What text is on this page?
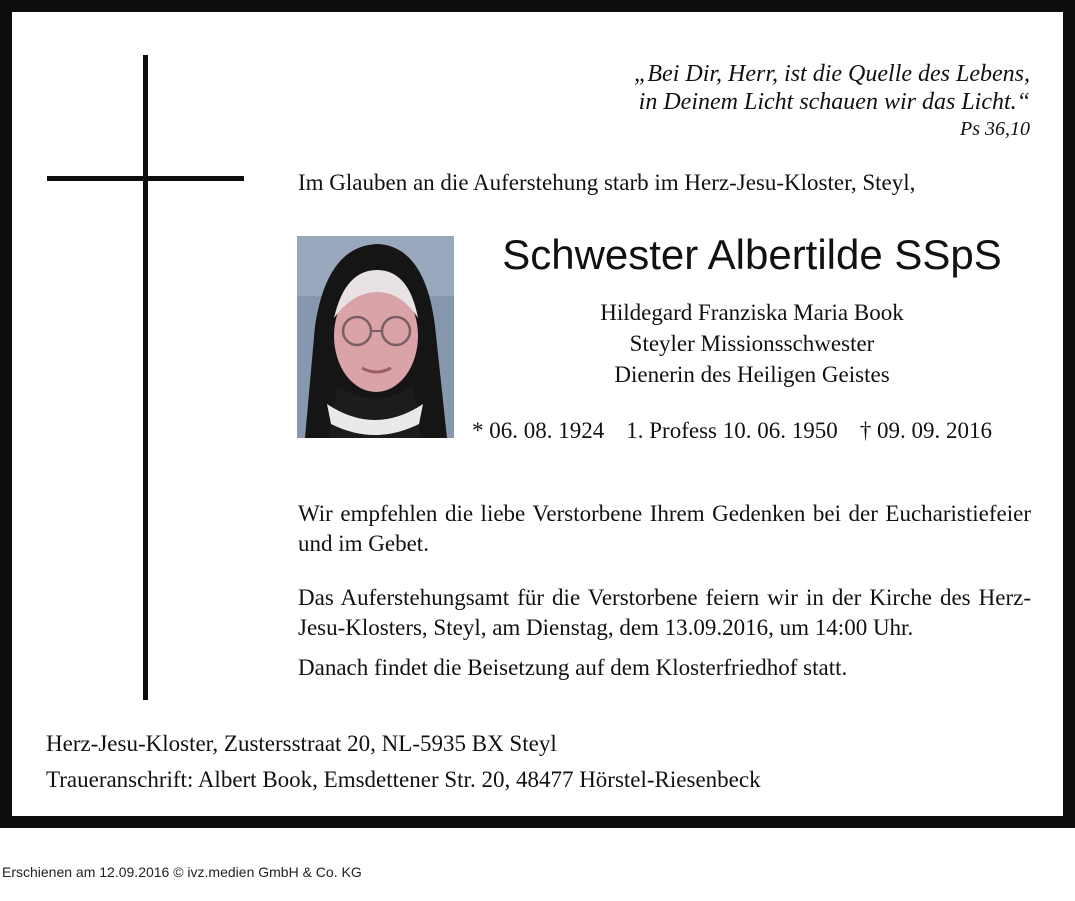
„Bei Dir, Herr, ist die Quelle des Lebens,
in Deinem Licht schauen wir das Licht.“
Ps 36,10
Im Glauben an die Auferstehung starb im Herz-Jesu-Kloster, Steyl,
Schwester Albertilde SSpS
Hildegard Franziska Maria Book
Steyler Missionsschwester
Dienerin des Heiligen Geistes
* 06. 08. 1924 1. Profess 10. 06. 1950 † 09. 09. 2016
Wir empfehlen die liebe Verstorbene Ihrem Gedenken bei der Eucharistiefeier und im Gebet.
Das Auferstehungsamt für die Verstorbene feiern wir in der Kirche des Herz-Jesu-Klosters, Steyl, am Dienstag, dem 13.09.2016, um 14:00 Uhr.
Danach findet die Beisetzung auf dem Klosterfriedhof statt.
Herz-Jesu-Kloster, Zustersstraat 20, NL-5935 BX Steyl
Traueranschrift: Albert Book, Emsdettener Str. 20, 48477 Hörstel-Riesenbeck
Erschienen am 12.09.2016 © ivz.medien GmbH & Co. KG
